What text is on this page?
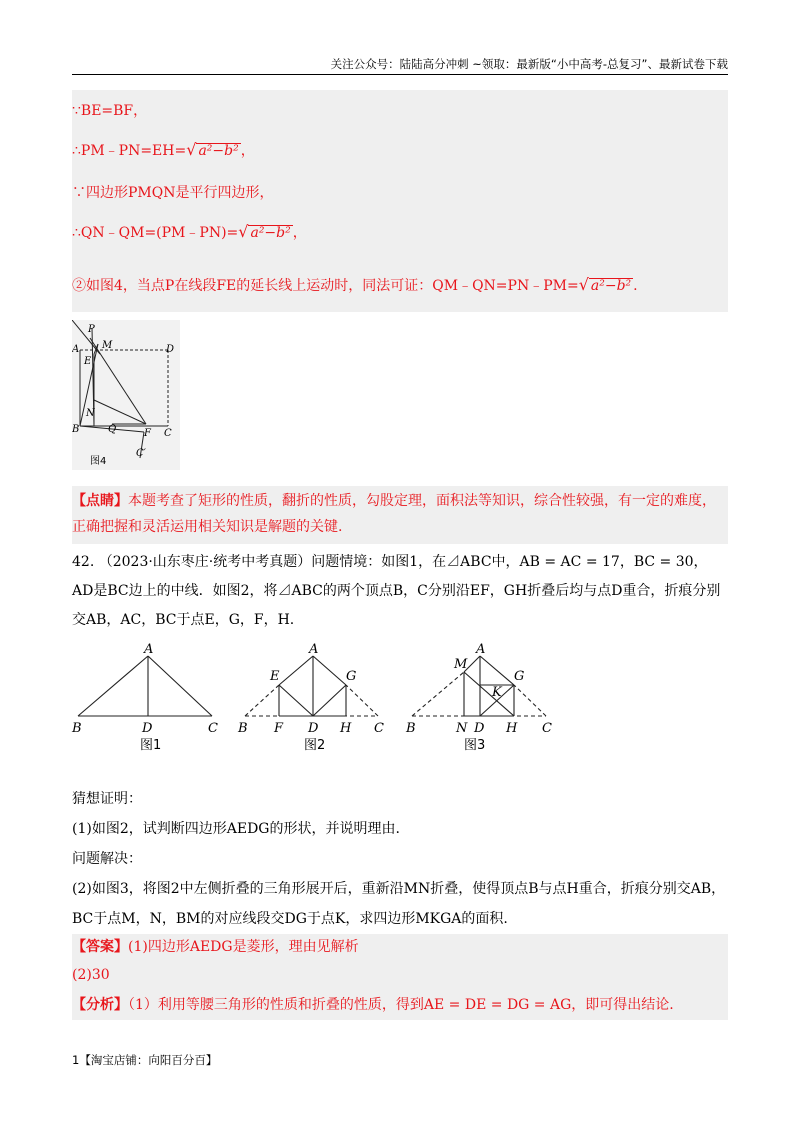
关注公众号：陆陆高分冲刺 ~领取：最新版“小中高考-总复习”、最新试卷下载
∵BE=BF，
∴PM﹣PN=EH=√ a²−b² ，
∵四边形PMQN是平行四边形，
∴QN﹣QM=(PM﹣PN)=√ a²−b² ，
②如图4，当点P在线段FE的延长线上运动时，同法可证：QM﹣QN=PN﹣PM=√ a²−b² .
P
M
A	D
E
N
B	Q	F C
C′
图4
【点睛】本题考查了矩形的性质，翻折的性质，勾股定理，面积法等知识，综合性较强，有一定的难度，正确把握和灵活运用相关知识是解题的关键.
42. （2023·山东枣庄·统考中考真题）问题情境：如图1，在⊿ABC中，AB = AC = 17，BC = 30，AD是BC边上的中线．如图2，将⊿ABC的两个顶点B，C分别沿EF，GH折叠后均与点D重合，折痕分别交AB，AC，BC于点E，G，F，H.
A
B	D	C
A
E	G
B F D H C
M
A
G
K
B	N D H C
图1	图2	图3
猜想证明：
(1)如图2，试判断四边形AEDG的形状，并说明理由.
问题解决：
(2)如图3，将图2中左侧折叠的三角形展开后，重新沿MN折叠，使得顶点B与点H重合，折痕分别交AB，BC于点M，N，BM的对应线段交DG于点K，求四边形MKGA的面积.
【答案】(1)四边形AEDG是菱形，理由见解析
(2)30
【分析】（1）利用等腰三角形的性质和折叠的性质，得到AE = DE = DG = AG，即可得出结论.
1【淘宝店铺：向阳百分百】
